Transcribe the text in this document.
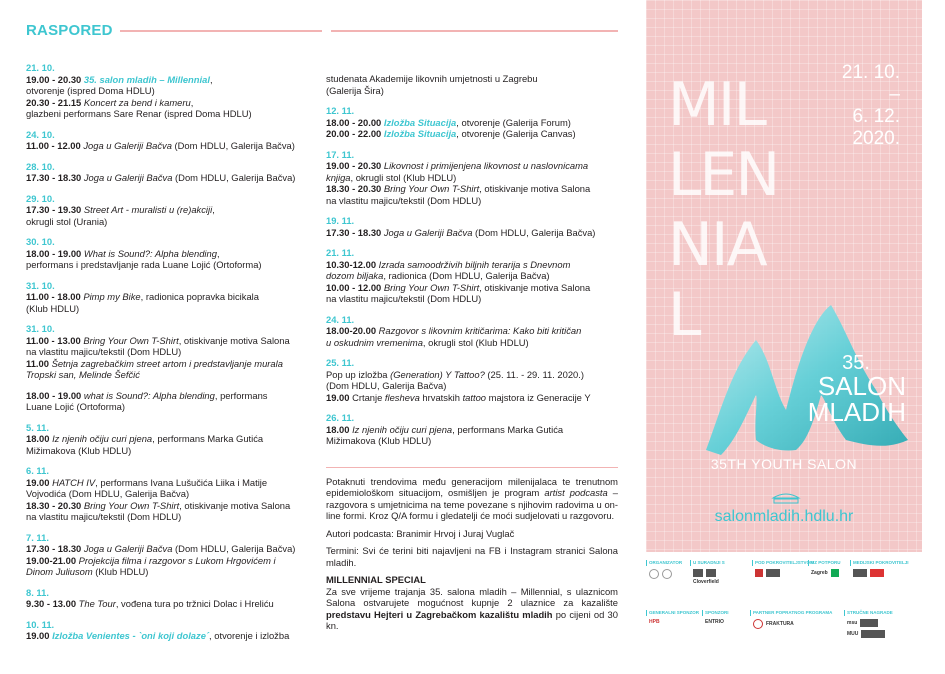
RASPORED

21. 10.

19.00 - 20.30 35. salon mladih – Millennial,

otvorenje (ispred Doma HDLU)

20.30 - 21.15 Koncert za bend i kameru,

glazbeni performans Sare Renar (ispred Doma HDLU)

24. 10.

11.00 - 12.00 Joga u Galeriji Bačva (Dom HDLU, Galerija Bačva)

28. 10.

17.30 - 18.30 Joga u Galeriji Bačva (Dom HDLU, Galerija Bačva)

29. 10.

17.30 - 19.30 Street Art - muralisti u (re)akciji,

okrugli stol (Urania)

30. 10.

18.00 - 19.00 What is Sound?: Alpha blending,

performans i predstavljanje rada Luane Lojić (Ortoforma)

31. 10.

11.00 - 18.00 Pimp my Bike, radionica popravka bicikala

(Klub HDLU)

31. 10.

11.00 - 13.00 Bring Your Own T-Shirt, otiskivanje motiva Salona

na vlastitu majicu/tekstil (Dom HDLU)

11.00 Šetnja zagrebačkim street artom i predstavljanje murala

Tropski san, Melinde Šefčić

18.00 - 19.00 what is Sound?: Alpha blending, performans

Luane Lojić (Ortoforma)

5. 11.

18.00 Iz njenih očiju curi pjena, performans Marka Gutića

Mižimakova (Klub HDLU)

6. 11.

19.00 HATCH IV, performans Ivana Lušučića Liika i Matije

Vojvodića (Dom HDLU, Galerija Bačva)

18.30 - 20.30 Bring Your Own T-Shirt, otiskivanje motiva Salona

na vlastitu majicu/tekstil (Dom HDLU)

7. 11.

17.30 - 18.30 Joga u Galeriji Bačva (Dom HDLU, Galerija Bačva)

19.00-21.00 Projekcija filma i razgovor s Lukom Hrgovićem i

Dinom Juliusom (Klub HDLU)

8. 11.

9.30 - 13.00 The Tour, vođena tura po tržnici Dolac i Hreliću

10. 11.

19.00 Izložba Venientes - `oni koji dolaze´, otvorenje i izložba

studenata Akademije likovnih umjetnosti u Zagrebu

(Galerija Šira)

12. 11.

18.00 - 20.00 Izložba Situacija, otvorenje (Galerija Forum)

20.00 - 22.00 Izložba Situacija, otvorenje (Galerija Canvas)

17. 11.

19.00 - 20.30 Likovnost i primijenjena likovnost u naslovnicama

knjiga, okrugli stol (Klub HDLU)

18.30 - 20.30 Bring Your Own T-Shirt, otiskivanje motiva Salona

na vlastitu majicu/tekstil (Dom HDLU)

19. 11.

17.30 - 18.30 Joga u Galeriji Bačva (Dom HDLU, Galerija Bačva)

21. 11.

10.30-12.00 Izrada samoodrživih biljnih terarija s Dnevnom

dozom biljaka, radionica (Dom HDLU, Galerija Bačva)

10.00 - 12.00 Bring Your Own T-Shirt, otiskivanje motiva Salona

na vlastitu majicu/tekstil (Dom HDLU)

24. 11.

18.00-20.00 Razgovor s likovnim kritičarima: Kako biti kritičan

u oskudnim vremenima, okrugli stol (Klub HDLU)

25. 11.

Pop up izložba (Generation) Y Tattoo? (25. 11. - 29. 11. 2020.)

(Dom HDLU, Galerija Bačva)

19.00 Crtanje flesheva hrvatskih tattoo majstora iz Generacije Y

26. 11.

18.00 Iz njenih očiju curi pjena, performans Marka Gutića

Mižimakova (Klub HDLU)

Potaknuti trendovima među generacijom milenijalaca te trenutnom epidemiološkom situacijom, osmišljen je program artist podcasta – razgovora s umjetnicima na teme povezane s njihovim radovima u on-line formi. Kroz Q/A formu i gledatelji će moći sudjelovati u razgovoru.

Autori podcasta: Branimir Hrvoj i Juraj Vuglač

Termini: Svi će terini biti najavljeni na FB i Instagram stranici Salona mladih.

MILLENNIAL SPECIAL

Za sve vrijeme trajanja 35. salona mladih – Millennial, s ulaznicom Salona ostvarujete mogućnost kupnje 2 ulaznice za kazalište predstavu Hejteri u Zagrebačkom kazalištu mladih po cijeni od 30 kn.

MIL
LEN
NIA
L
21. 10.
–
6. 12.
2020.
35.
SALON
MLADIH
35TH YOUTH SALON
salonmladih.hdlu.hr
ORGANIZATOR	U SURADNJI S
Cloverfield
POD POKROVITELJSTVOM
UZ POTPORU
Zagreb
MEDIJSKI POKROVITELJI
GENERALNI SPONZOR
HPB
SPONZORI
ENTRIO
PARTNER POPRATNOG PROGRAMA
FRAKTURA
STRUČNE NAGRADE
msu
MUU
